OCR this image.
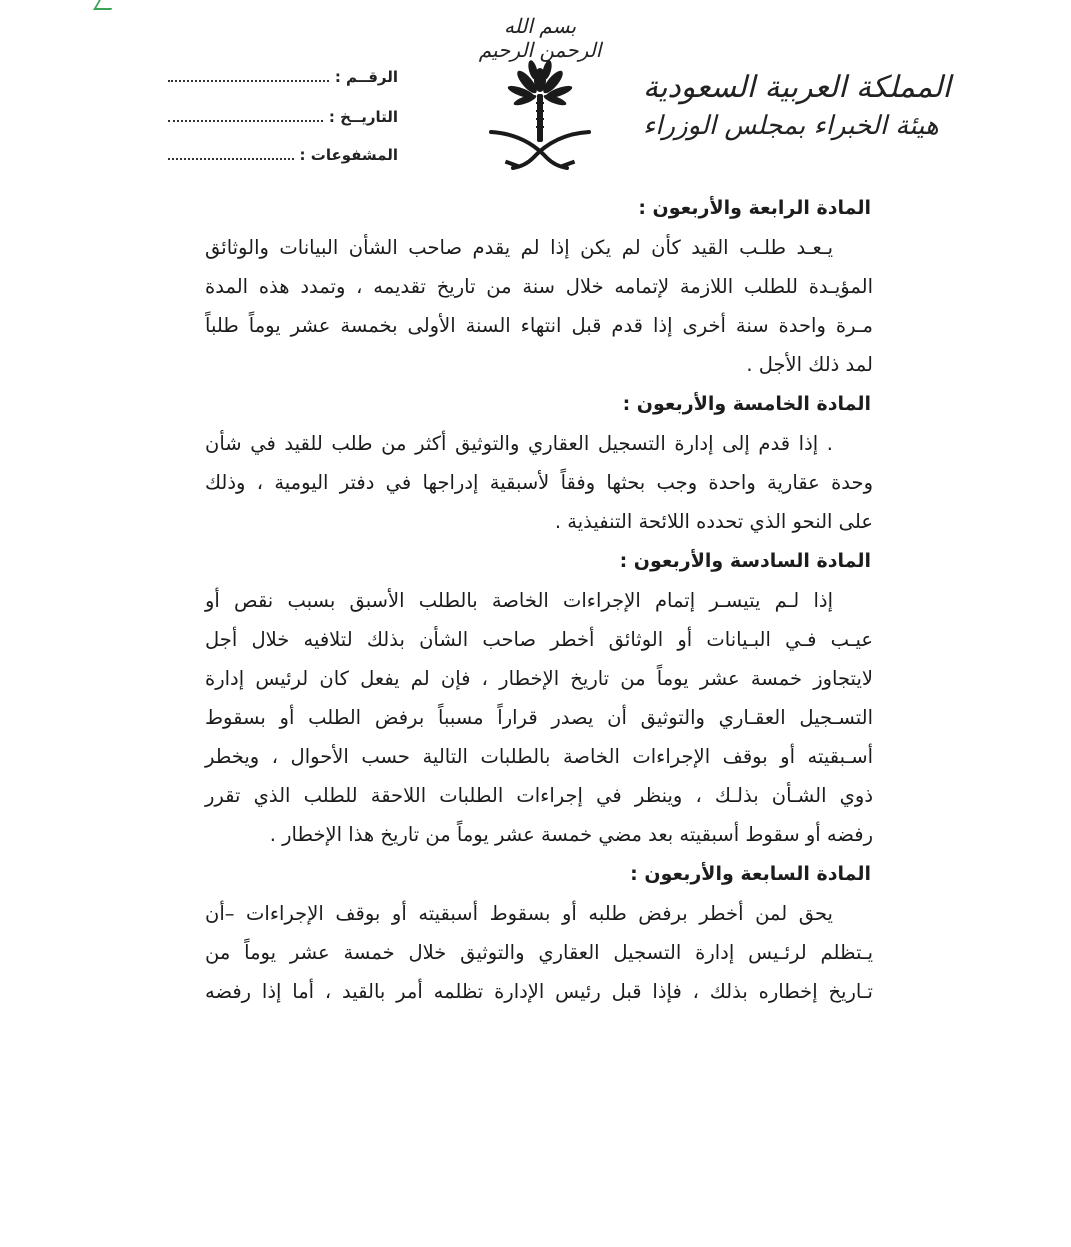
بسم الله الرحمن الرحيم
المملكة العربية السعودية
هيئة الخبراء بمجلس الوزراء
الرقــم :
التاريــخ :
المشفوعات :

المادة الرابعة والأربعون :

يـعـد طلـب القيد كأن لم يكن إذا لم يقدم صاحب الشأن البيانات والوثائق
المؤيـدة للطلب اللازمة لإتمامه خلال سنة من تاريخ تقديمه ، وتمدد هذه المدة
مـرة واحدة سنة أخرى إذا قدم قبل انتهاء السنة الأولى بخمسة عشر يوماً طلباً
لمد ذلك الأجل .

المادة الخامسة والأربعون :

. إذا قدم إلى إدارة التسجيل العقاري والتوثيق أكثر من طلب للقيد في شأن
وحدة عقارية واحدة وجب بحثها وفقاً لأسبقية إدراجها في دفتر اليومية ، وذلك
على النحو الذي تحدده اللائحة التنفيذية .

المادة السادسة والأربعون :

إذا لـم يتيسـر إتمام الإجراءات الخاصة بالطلب الأسبق بسبب نقص أو
عيـب فـي البـيانات أو الوثائق أخطر صاحب الشأن بذلك لتلافيه خلال أجل
لايتجاوز خمسة عشر يوماً من تاريخ الإخطار ، فإن لم يفعل كان لرئيس إدارة
التسـجيل العقـاري والتوثيق أن يصدر قراراً مسبباً برفض الطلب أو بسقوط
أسـبقيته أو بوقف الإجراءات الخاصة بالطلبات التالية حسب الأحوال ، ويخطر
ذوي الشـأن بذلـك ، وينظر في إجراءات الطلبات اللاحقة للطلب الذي تقرر
رفضه أو سقوط أسبقيته بعد مضي خمسة عشر يوماً من تاريخ هذا الإخطار .

المادة السابعة والأربعون :

يحق لمن أخطر برفض طلبه أو بسقوط أسبقيته أو بوقف الإجراءات –أن
يـتظلم لرئـيس إدارة التسجيل العقاري والتوثيق خلال خمسة عشر يوماً من
تـاريخ إخطاره بذلك ، فإذا قبل رئيس الإدارة تظلمه أمر بالقيد ، أما إذا رفضه
